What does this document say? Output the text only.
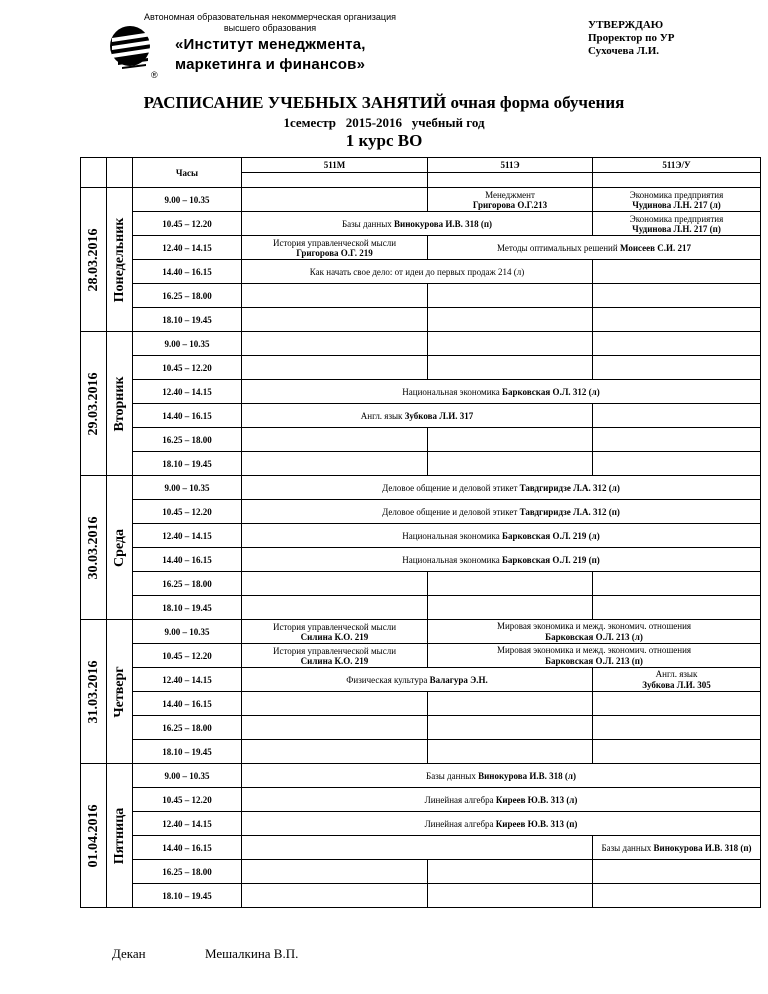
Автономная образовательная некоммерческая организация
высшего образования
«Институт менеджмента,
маркетинга и финансов»
®
УТВЕРЖДАЮ
Проректор по УР
Сухочева Л.И.
РАСПИСАНИЕ УЧЕБНЫХ ЗАНЯТИЙ очная форма обучения
1семестр   2015-2016   учебный год
1 курс ВО
		Часы	511М	511Э	511Э/У

28.03.2016	Понедельник	9.00 – 10.35		Менеджмент
Григорова О.Г.213	Экономика предприятия
Чудинова Л.Н. 217 (л)
		10.45 – 12.20	Базы данных Винокурова И.В. 318 (п)		Экономика предприятия
Чудинова Л.Н. 217 (п)
		12.40 – 14.15	История управленческой мысли
Григорова О.Г. 219	Методы оптимальных решений Моисеев С.И. 217	
		14.40 – 16.15	Как начать свое дело: от идеи до первых продаж 214 (л)		
		16.25 – 18.00			
		18.10 – 19.45			

29.03.2016	Вторник	9.00 – 10.35			
		10.45 – 12.20			
		12.40 – 14.15	Национальная экономика Барковская О.Л. 312 (л)		
		14.40 – 16.15	Англ. язык Зубкова Л.И. 317		
		16.25 – 18.00			
		18.10 – 19.45			

30.03.2016	Среда	9.00 – 10.35	Деловое общение и деловой этикет Тавдгиридзе Л.А. 312 (л)		
		10.45 – 12.20	Деловое общение и деловой этикет Тавдгиридзе Л.А. 312 (п)		
		12.40 – 14.15	Национальная экономика Барковская О.Л. 219 (л)		
		14.40 – 16.15	Национальная экономика Барковская О.Л. 219 (п)		
		16.25 – 18.00			
		18.10 – 19.45			

31.03.2016	Четверг	9.00 – 10.35	История управленческой мысли
Силина К.О. 219	Мировая экономика и межд. экономич. отношения
Барковская О.Л. 213 (л)	
		10.45 – 12.20	История управленческой мысли
Силина К.О. 219	Мировая экономика и межд. экономич. отношения
Барковская О.Л. 213 (п)	
		12.40 – 14.15	Физическая культура Валагура Э.Н.		Англ. язык
Зубкова Л.И. 305
		14.40 – 16.15			
		16.25 – 18.00			
		18.10 – 19.45			

01.04.2016	Пятница	9.00 – 10.35	Базы данных Винокурова И.В. 318 (л)		
		10.45 – 12.20	Линейная алгебра Киреев Ю.В. 313 (л)		
		12.40 – 14.15	Линейная алгебра Киреев Ю.В. 313 (п)		
		14.40 – 16.15			Базы данных Винокурова И.В. 318 (п)
		16.25 – 18.00			
		18.10 – 19.45			
Декан	Мешалкина В.П.
